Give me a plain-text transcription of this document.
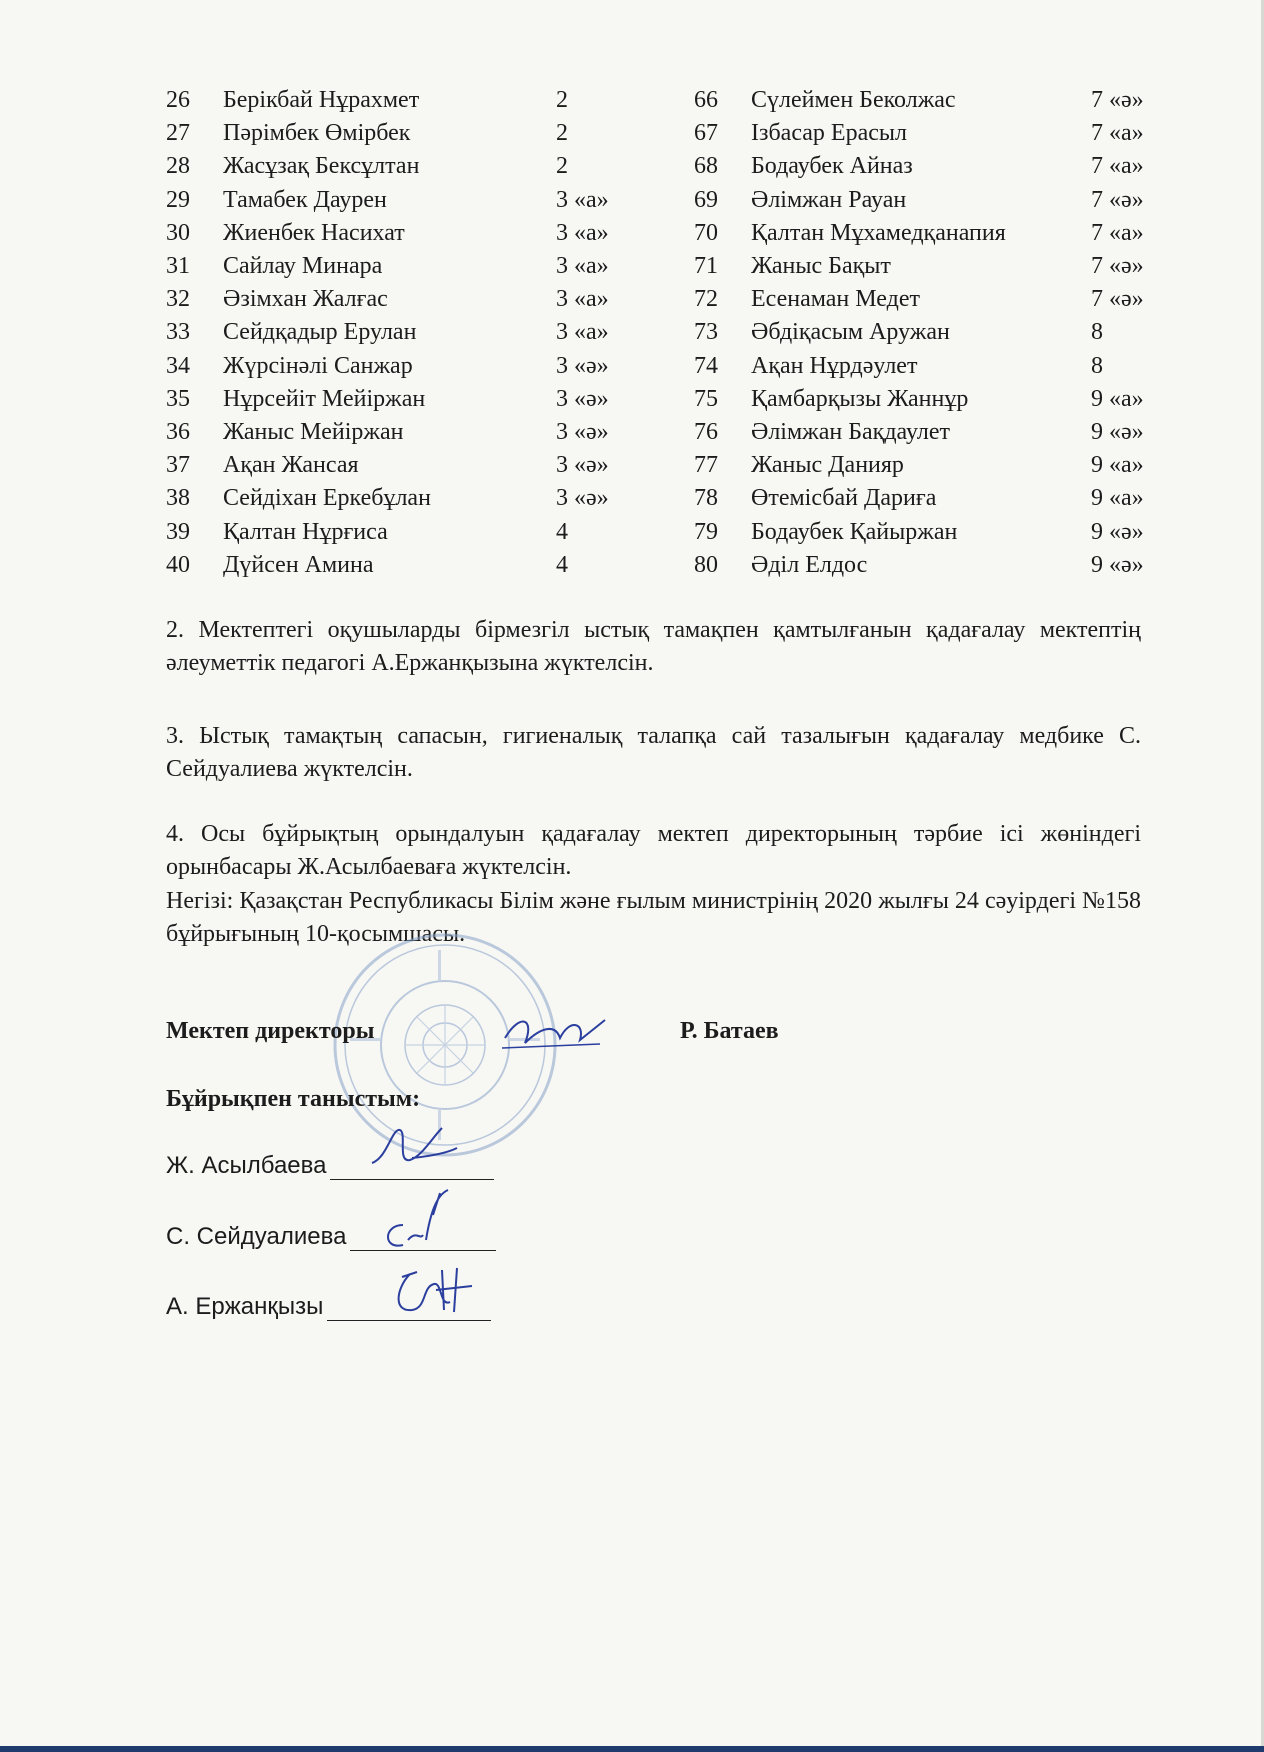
26	Берікбай Нұрахмет	2
27	Пәрімбек Өмірбек	2
28	Жасұзақ Бексұлтан	2
29	Тамабек Даурен	3 «а»
30	Жиенбек Насихат	3 «а»
31	Сайлау Минара	3 «а»
32	Әзімхан Жалғас	3 «а»
33	Сейдқадыр Ерулан	3 «а»
34	Жүрсінәлі Санжар	3 «ә»
35	Нұрсейіт Мейіржан	3 «ә»
36	Жаныс Мейіржан	3 «ә»
37	Ақан Жансая	3 «ә»
38	Сейдіхан Еркебұлан	3 «ә»
39	Қалтан Нұрғиса	4
40	Дүйсен Амина	4
66	Сүлеймен Беколжас	7 «ә»
67	Ізбасар Ерасыл	7 «а»
68	Бодаубек Айназ	7 «а»
69	Әлімжан Рауан	7 «ә»
70	Қалтан Мұхамедқанапия	7 «а»
71	Жаныс Бақыт	7 «ә»
72	Есенаман Медет	7 «ә»
73	Әбдіқасым Аружан	8
74	Ақан Нұрдәулет	8
75	Қамбарқызы Жаннұр	9 «а»
76	Әлімжан Бақдаулет	9 «ә»
77	Жаныс Данияр	9 «а»
78	Өтемісбай Дариға	9 «а»
79	Бодаубек Қайыржан	9 «ә»
80	Әділ Елдос	9 «ә»
2. Мектептегі оқушыларды бірмезгіл ыстық тамақпен қамтылғанын қадағалау мектептің әлеуметтік педагогі А.Ержанқызына жүктелсін.
3. Ыстық тамақтың сапасын, гигиеналық талапқа сай тазалығын қадағалау медбике С. Сейдуалиева жүктелсін.
4. Осы бұйрықтың орындалуын қадағалау мектеп директорының тәрбие ісі жөніндегі орынбасары Ж.Асылбаеваға жүктелсін.
Негізі: Қазақстан Республикасы Білім және ғылым министрінің 2020 жылғы 24 сәуірдегі №158 бұйрығының 10-қосымшасы.
Мектеп директоры	Р. Батаев
Бұйрықпен таныстым:
Ж. Асылбаева
С. Сейдуалиева
А. Ержанқызы
